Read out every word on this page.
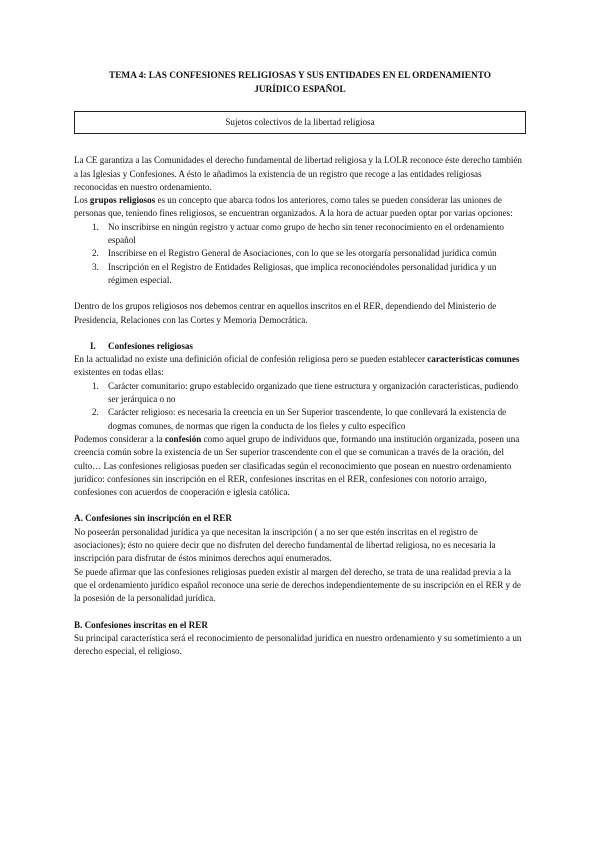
TEMA 4: LAS CONFESIONES RELIGIOSAS Y SUS ENTIDADES EN EL ORDENAMIENTO
JURÍDICO ESPAÑOL
Sujetos colectivos de la libertad religiosa

La CE garantiza a las Comunidades el derecho fundamental de libertad religiosa y la LOLR reconoce éste derecho también a las Iglesias y Confesiones. A ésto le añadimos la existencia de un registro que recoge a las entidades religiosas reconocidas en nuestro ordenamiento.

Los grupos religiosos es un concepto que abarca todos los anteriores, como tales se pueden considerar las uniones de personas que, teniendo fines religiosos, se encuentran organizados. A la hora de actuar pueden optar por varias opciones:

1. No inscribirse en ningún registro y actuar como grupo de hecho sin tener reconocimiento en el ordenamiento español
2. Inscribirse en el Registro General de Asociaciones, con lo que se les otorgaría personalidad jurídica común
3. Inscripción en el Registro de Entidades Religiosas, que implica reconociéndoles personalidad jurídica y un régimen especial.

Dentro de los grupos religiosos nos debemos centrar en aquellos inscritos en el RER, dependiendo del Ministerio de Presidencia, Relaciones con las Cortes y Memoria Democrática.

I.	Confesiones religiosas

En la actualidad no existe una definición oficial de confesión religiosa pero se pueden establecer características comunes existentes en todas ellas:

1. Carácter comunitario: grupo establecido organizado que tiene estructura y organización características, pudiendo ser jerárquica o no
2. Carácter religioso: es necesaria la creencia en un Ser Superior trascendente, lo que conllevará la existencia de dogmas comunes, de normas que rigen la conducta de los fieles y culto específico

Podemos considerar a la confesión como aquel grupo de individuos que, formando una institución organizada, poseen una creencia común sobre la existencia de un Ser superior trascendente con el que se comunican a través de la oración, del culto… Las confesiones religiosas pueden ser clasificadas según el reconocimiento que posean en nuestro ordenamiento jurídico: confesiones sin inscripción en el RER, confesiones inscritas en el RER, confesiones con notorio arraigo, confesiones con acuerdos de cooperación e iglesia católica.

A. Confesiones sin inscripción en el RER

No poseerán personalidad jurídica ya que necesitan la inscripción ( a no ser que estén inscritas en el registro de asociaciones); ésto no quiere decir que no disfruten del derecho fundamental de libertad religiosa, no es necesaria la inscripción para disfrutar de éstos mínimos derechos aquí enumerados.

Se puede afirmar que las confesiones religiosas pueden existir al margen del derecho, se trata de una realidad previa a la que el ordenamiento jurídico español reconoce una serie de derechos independientemente de su inscripción en el RER y de la posesión de la personalidad jurídica.

B. Confesiones inscritas en el RER

Su principal característica será el reconocimiento de personalidad jurídica en nuestro ordenamiento y su sometimiento a un derecho especial, el religioso.
